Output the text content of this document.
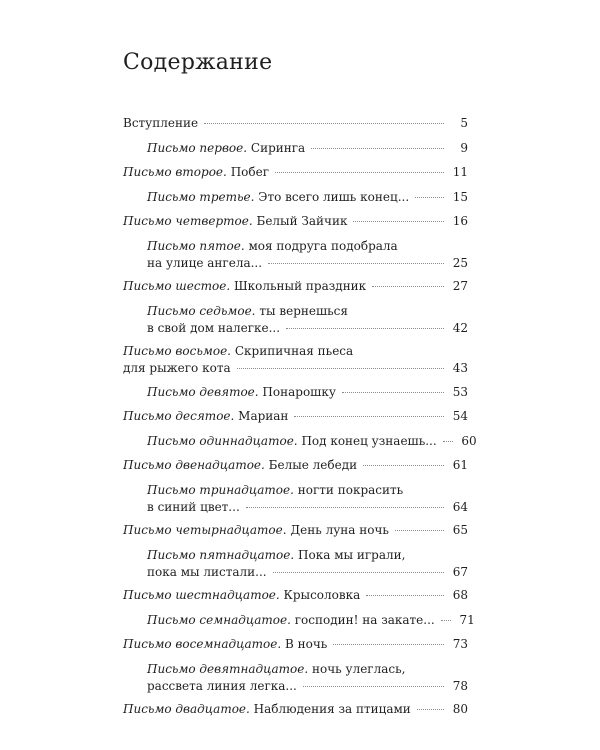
Содержание
Вступление	5
Письмо первое. Сиринга	9
Письмо второе. Побег	11
Письмо третье. Это всего лишь конец...	15
Письмо четвертое. Белый Зайчик	16
Письмо пятое. моя подруга подобрала
на улице ангела...	25
Письмо шестое. Школьный праздник	27
Письмо седьмое. ты вернешься
в свой дом налегке...	42
Письмо восьмое. Скрипичная пьеса
для рыжего кота	43
Письмо девятое. Понарошку	53
Письмо десятое. Мариан	54
Письмо одиннадцатое. Под конец узнаешь... 60
Письмо двенадцатое. Белые лебеди	61
Письмо тринадцатое. ногти покрасить
в синий цвет...	64
Письмо четырнадцатое. День луна ночь	65
Письмо пятнадцатое. Пока мы играли,
пока мы листали...	67
Письмо шестнадцатое. Крысоловка	68
Письмо семнадцатое. господин! на закате... 71
Письмо восемнадцатое. В ночь	73
Письмо девятнадцатое. ночь улеглась,
рассвета линия легка...	78
Письмо двадцатое. Наблюдения за птицами	80
